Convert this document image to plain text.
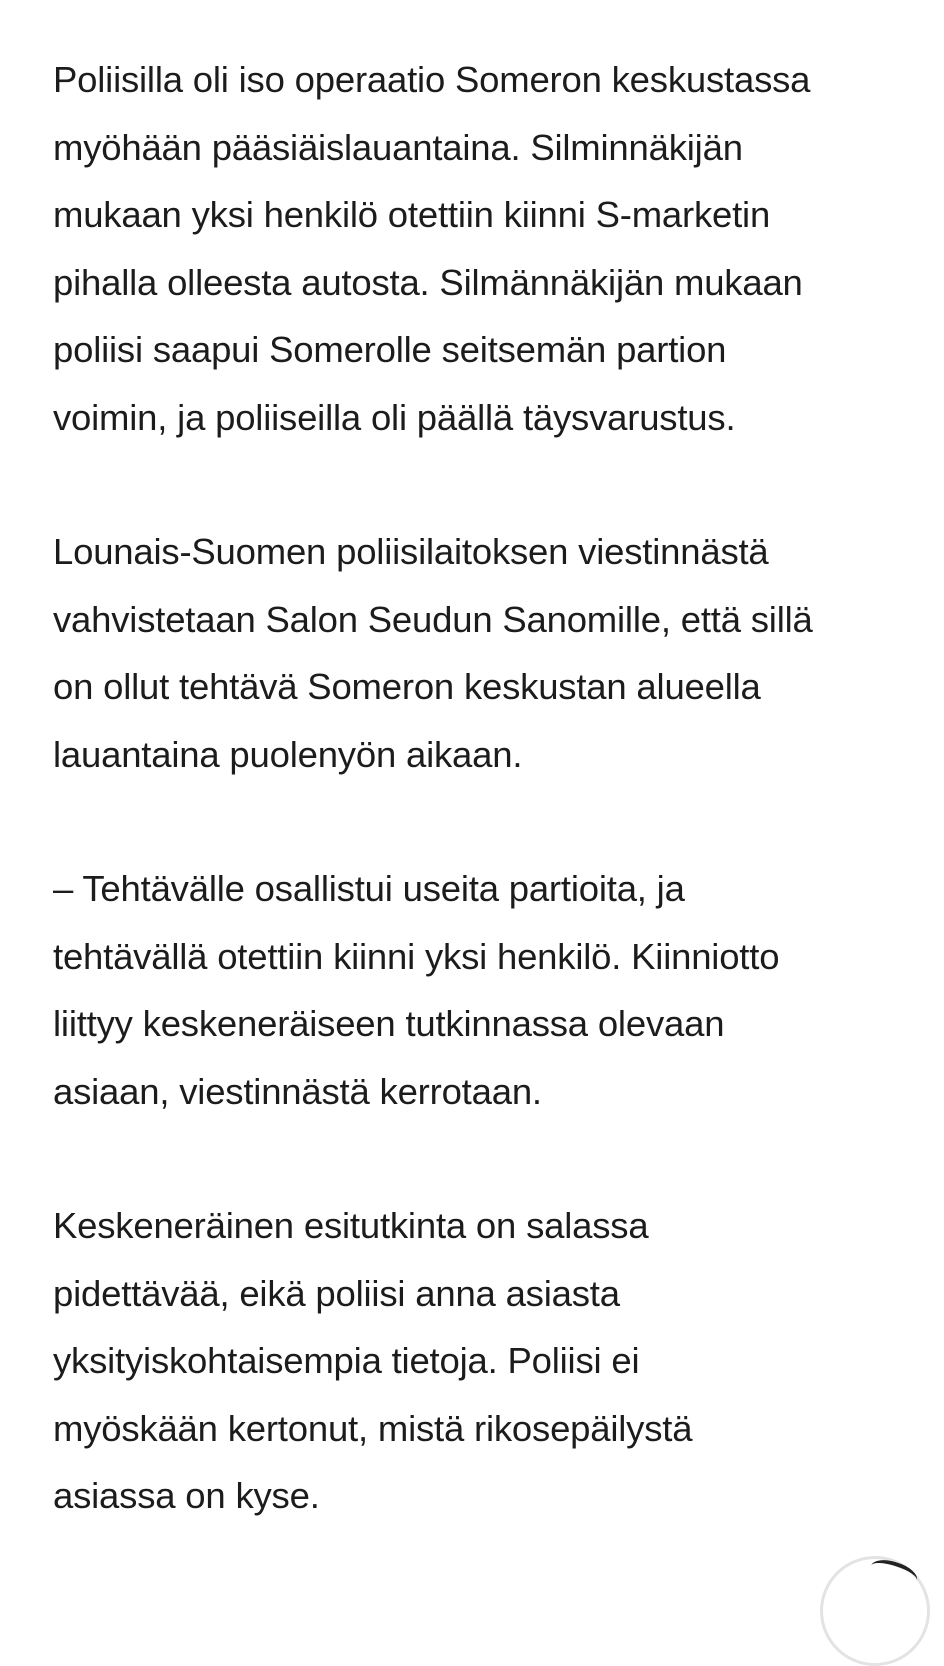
Poliisilla oli iso operaatio Someron keskustassa
myöhään pääsiäislauantaina. Silminnäkijän
mukaan yksi henkilö otettiin kiinni S-marketin
pihalla olleesta autosta. Silmännäkijän mukaan
poliisi saapui Somerolle seitsemän partion
voimin, ja poliiseilla oli päällä täysvarustus.

Lounais-Suomen poliisilaitoksen viestinnästä
vahvistetaan Salon Seudun Sanomille, että sillä
on ollut tehtävä Someron keskustan alueella
lauantaina puolenyön aikaan.

– Tehtävälle osallistui useita partioita, ja
tehtävällä otettiin kiinni yksi henkilö. Kiinniotto
liittyy keskeneräiseen tutkinnassa olevaan
asiaan, viestinnästä kerrotaan.

Keskeneräinen esitutkinta on salassa
pidettävää, eikä poliisi anna asiasta
yksityiskohtaisempia tietoja. Poliisi ei
myöskään kertonut, mistä rikosepäilystä
asiassa on kyse.
